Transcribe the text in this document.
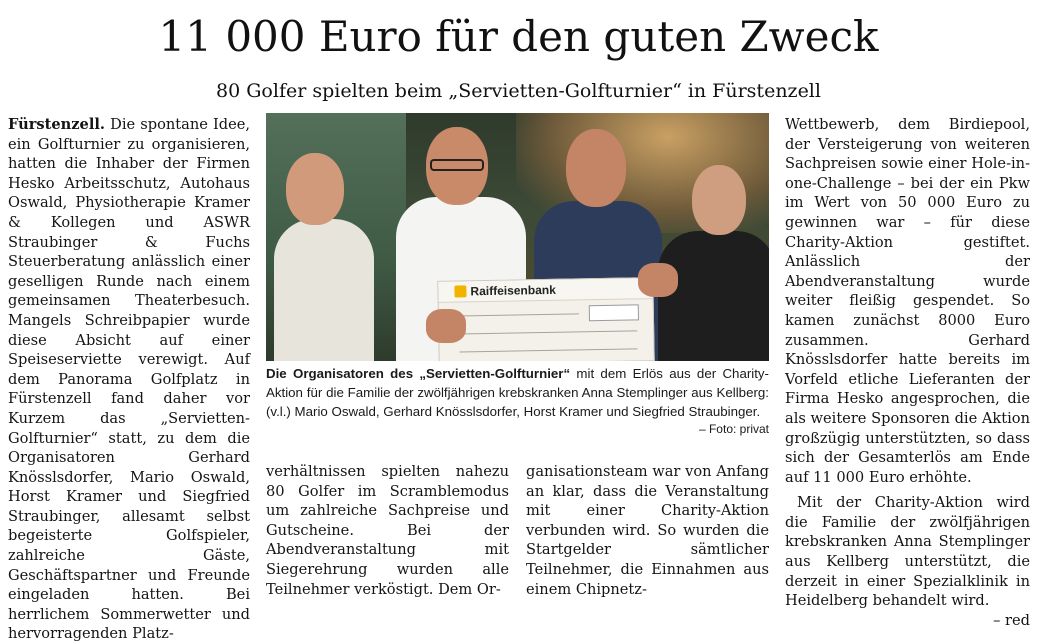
11 000 Euro für den guten Zweck
80 Golfer spielten beim „Servietten-Golfturnier“ in Fürstenzell

Fürstenzell. Die spontane Idee, ein Golfturnier zu organisieren, hatten die Inhaber der Firmen Hesko Arbeitsschutz, Autohaus Oswald, Physiotherapie Kramer & Kollegen und ASWR Straubinger & Fuchs Steuerberatung anlässlich einer geselligen Runde nach einem gemeinsamen Theaterbesuch. Mangels Schreibpapier wurde diese Absicht auf einer Speiseserviette verewigt. Auf dem Panorama Golfplatz in Fürstenzell fand daher vor Kurzem das „Servietten-Golfturnier“ statt, zu dem die Organisatoren Gerhard Knösslsdorfer, Mario Oswald, Horst Kramer und Siegfried Straubinger, allesamt selbst begeisterte Golfspieler, zahlreiche Gäste, Geschäftspartner und Freunde eingeladen hatten. Bei herrlichem Sommerwetter und hervorragenden Platz-

Raiffeisenbank

Die Organisatoren des „Servietten-Golfturnier“ mit dem Erlös aus der Charity-Aktion für die Familie der zwölfjährigen krebskranken Anna Stemplinger aus Kellberg: (v.l.) Mario Oswald, Gerhard Knösslsdorfer, Horst Kramer und Siegfried Straubinger.
– Foto: privat

verhältnissen spielten nahezu 80 Golfer im Scramblemodus um zahlreiche Sachpreise und Gutscheine. Bei der Abendveranstaltung mit Siegerehrung wurden alle Teilnehmer verköstigt. Dem Or-

ganisationsteam war von Anfang an klar, dass die Veranstaltung mit einer Charity-Aktion verbunden wird. So wurden die Startgelder sämtlicher Teilnehmer, die Einnahmen aus einem Chipnetz-

Wettbewerb, dem Birdiepool, der Versteigerung von weiteren Sachpreisen sowie einer Hole-in-one-Challenge – bei der ein Pkw im Wert von 50 000 Euro zu gewinnen war – für diese Charity-Aktion gestiftet. Anlässlich der Abendveranstaltung wurde weiter fleißig gespendet. So kamen zunächst 8000 Euro zusammen. Gerhard Knösslsdorfer hatte bereits im Vorfeld etliche Lieferanten der Firma Hesko angesprochen, die als weitere Sponsoren die Aktion großzügig unterstützten, so dass sich der Gesamterlös am Ende auf 11 000 Euro erhöhte.

Mit der Charity-Aktion wird die Familie der zwölfjährigen krebskranken Anna Stemplinger aus Kellberg unterstützt, die derzeit in einer Spezialklinik in Heidelberg behandelt wird.
– red
